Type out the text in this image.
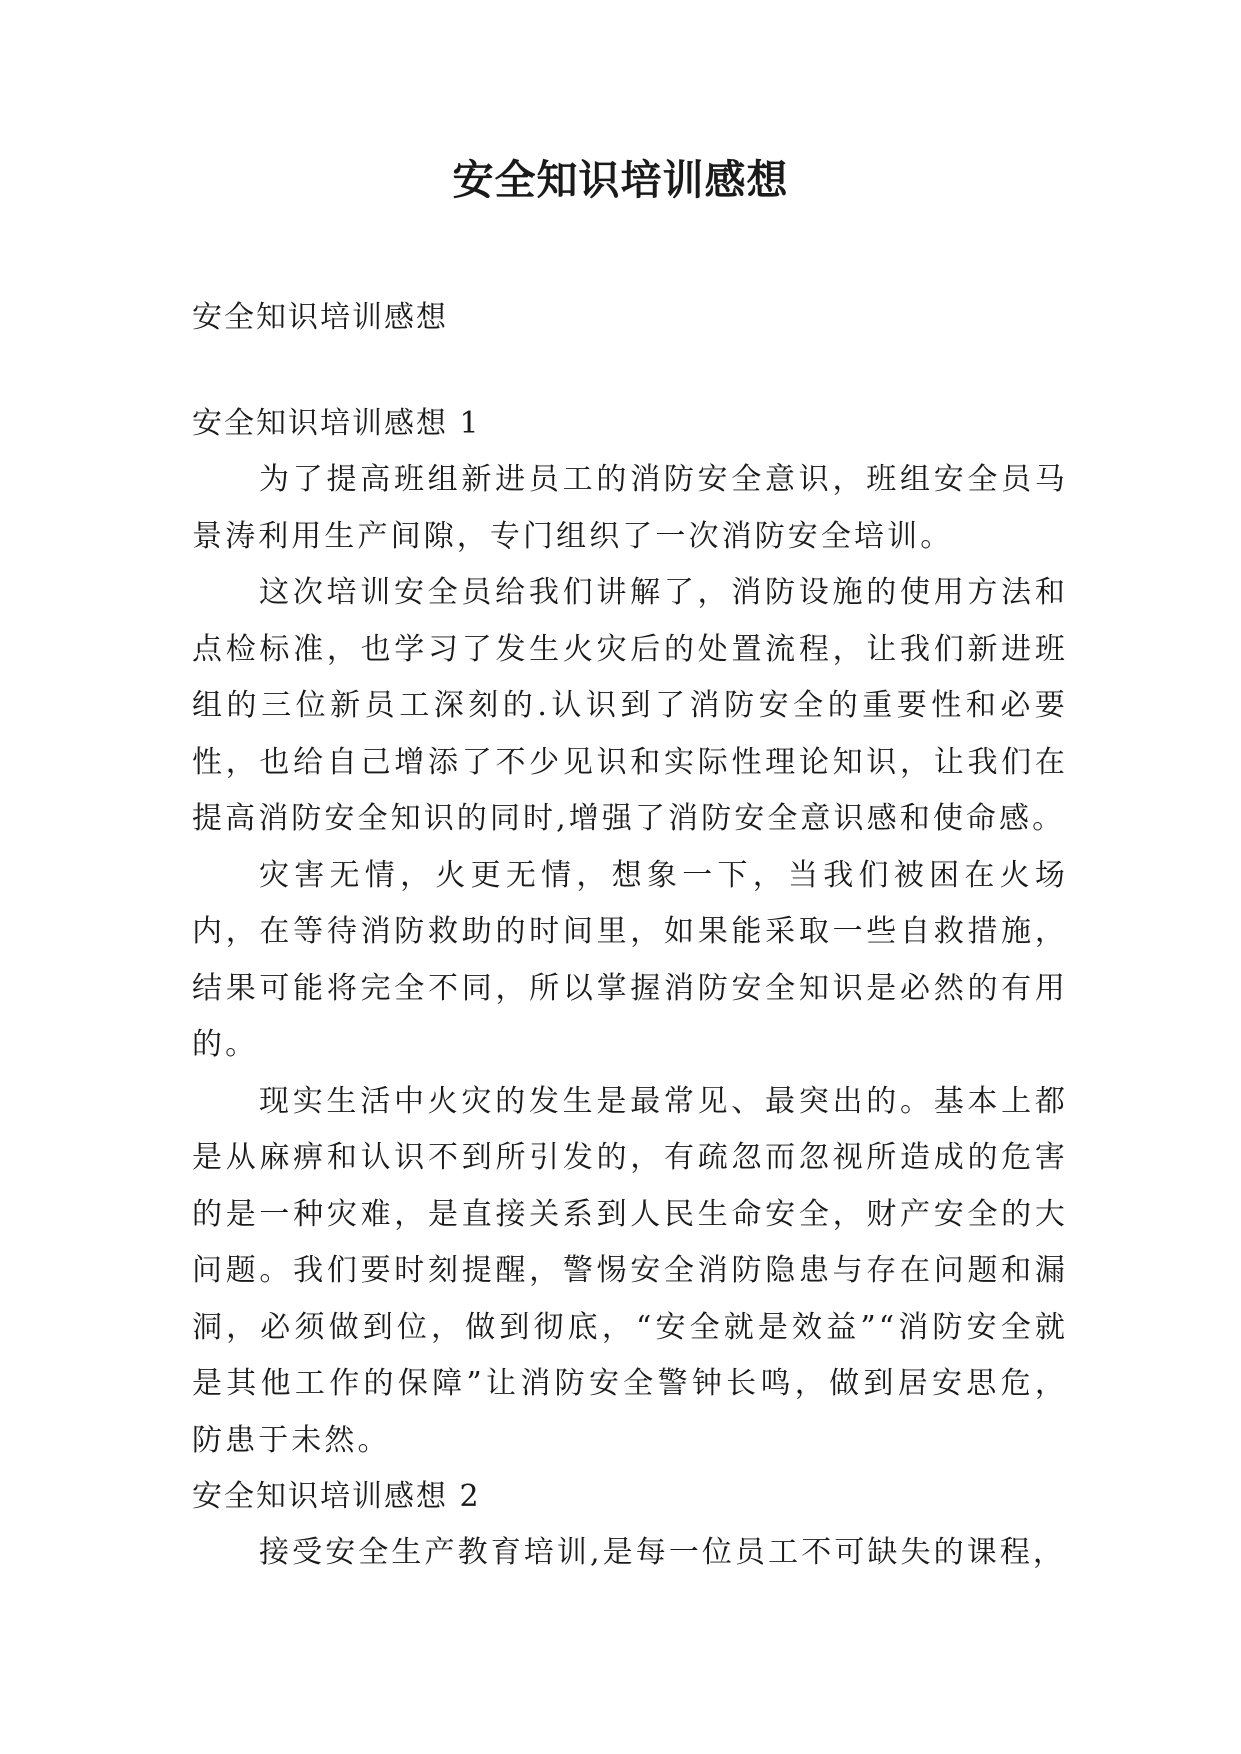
安全知识培训感想

安全知识培训感想

安全知识培训感想 1

为了提高班组新进员工的消防安全意识，班组安全员马景涛利用生产间隙，专门组织了一次消防安全培训。

这次培训安全员给我们讲解了，消防设施的使用方法和点检标准，也学习了发生火灾后的处置流程，让我们新进班组的三位新员工深刻的.认识到了消防安全的重要性和必要性，也给自己增添了不少见识和实际性理论知识，让我们在提高消防安全知识的同时,增强了消防安全意识感和使命感。

灾害无情，火更无情，想象一下，当我们被困在火场内，在等待消防救助的时间里，如果能采取一些自救措施，结果可能将完全不同，所以掌握消防安全知识是必然的有用的。

现实生活中火灾的发生是最常见、最突出的。基本上都是从麻痹和认识不到所引发的，有疏忽而忽视所造成的危害的是一种灾难，是直接关系到人民生命安全，财产安全的大问题。我们要时刻提醒，警惕安全消防隐患与存在问题和漏洞，必须做到位，做到彻底，“安全就是效益”“消防安全就是其他工作的保障”让消防安全警钟长鸣，做到居安思危，防患于未然。

安全知识培训感想 2

接受安全生产教育培训,是每一位员工不可缺失的课程，
